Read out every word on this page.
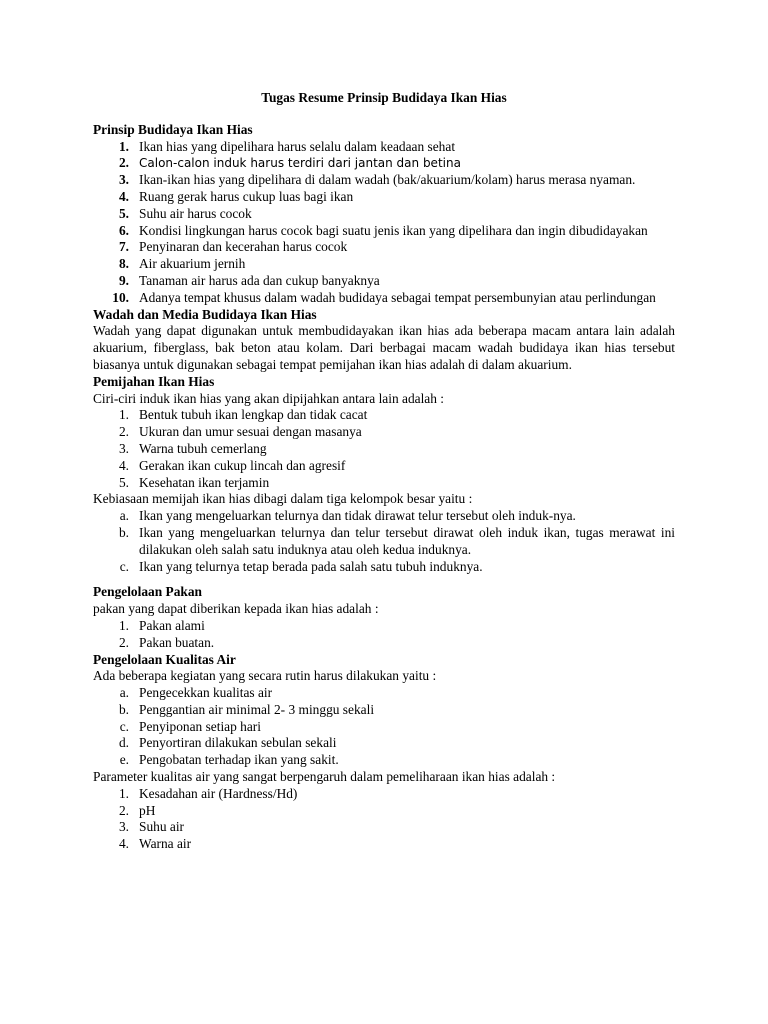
Tugas Resume Prinsip Budidaya Ikan Hias
Prinsip Budidaya Ikan Hias
1. Ikan hias yang dipelihara harus selalu dalam keadaan sehat
2. Calon-calon induk harus terdiri dari jantan dan betina
3. Ikan-ikan hias yang dipelihara di dalam wadah (bak/akuarium/kolam) harus merasa nyaman.
4. Ruang gerak harus cukup luas bagi ikan
5. Suhu air harus cocok
6. Kondisi lingkungan harus cocok bagi suatu jenis ikan yang dipelihara dan ingin dibudidayakan
7. Penyinaran dan kecerahan harus cocok
8. Air akuarium jernih
9. Tanaman air harus ada dan cukup banyaknya
10. Adanya tempat khusus dalam wadah budidaya sebagai tempat persembunyian atau perlindungan
Wadah dan Media Budidaya Ikan Hias
Wadah yang dapat digunakan untuk membudidayakan ikan hias ada beberapa macam antara lain adalah akuarium, fiberglass, bak beton atau kolam. Dari berbagai macam wadah budidaya ikan hias tersebut biasanya untuk digunakan sebagai tempat pemijahan ikan hias adalah di dalam akuarium.
Pemijahan Ikan Hias
Ciri-ciri induk ikan hias yang akan dipijahkan antara lain adalah :
1. Bentuk tubuh ikan lengkap dan tidak cacat
2. Ukuran dan umur sesuai dengan masanya
3. Warna tubuh cemerlang
4. Gerakan ikan cukup lincah dan agresif
5. Kesehatan ikan terjamin
Kebiasaan memijah ikan hias dibagi dalam tiga kelompok besar yaitu :
a. Ikan yang mengeluarkan telurnya dan tidak dirawat telur tersebut oleh induk-nya.
b. Ikan yang mengeluarkan telurnya dan telur tersebut dirawat oleh induk ikan, tugas merawat ini dilakukan oleh salah satu induknya atau oleh kedua induknya.
c. Ikan yang telurnya tetap berada pada salah satu tubuh induknya.
Pengelolaan Pakan
pakan yang dapat diberikan kepada ikan hias adalah :
1. Pakan alami
2. Pakan buatan.
Pengelolaan Kualitas Air
Ada beberapa kegiatan yang secara rutin harus dilakukan yaitu :
a. Pengecekkan kualitas air
b. Penggantian air minimal 2- 3 minggu sekali
c. Penyiponan setiap hari
d. Penyortiran dilakukan sebulan sekali
e. Pengobatan terhadap ikan yang sakit.
Parameter kualitas air yang sangat berpengaruh dalam pemeliharaan ikan hias adalah :
1. Kesadahan air (Hardness/Hd)
2. pH
3. Suhu air
4. Warna air
